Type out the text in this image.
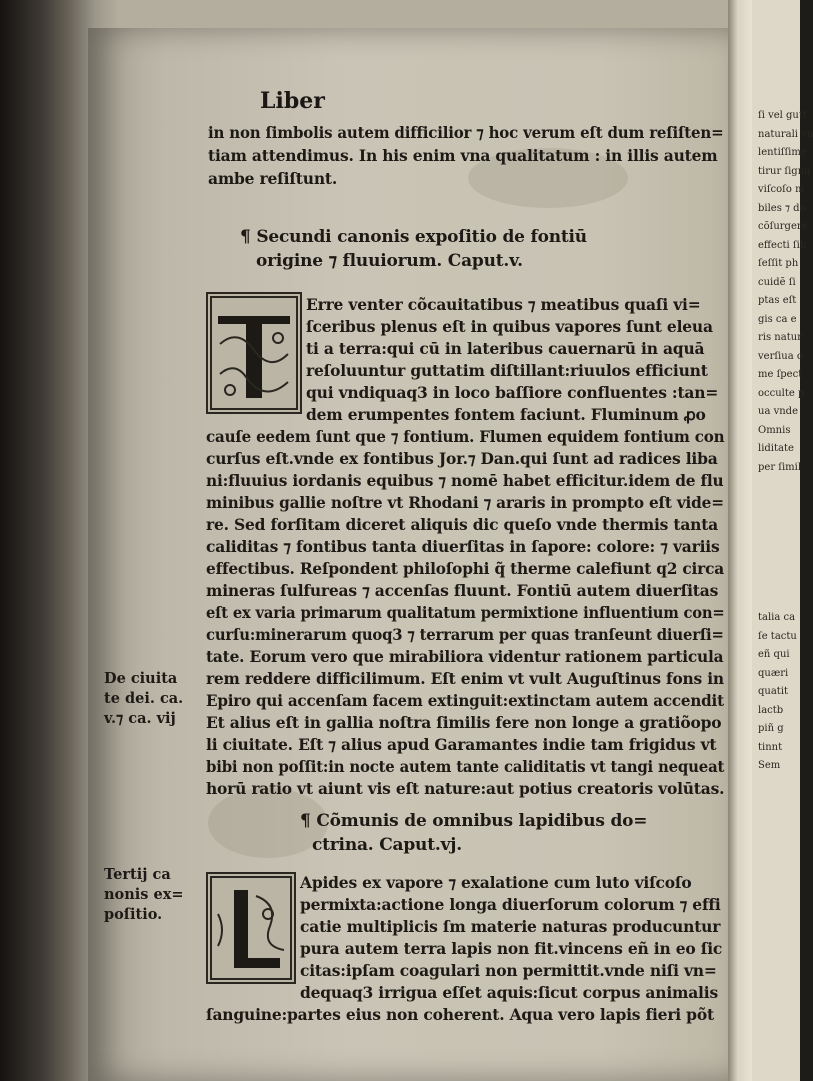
ſi vel gutt
naturali vn
lentiſſime
tirur ſignu
viſcoſo m
biles ⁊ do
cõſurgere
effecti ſib
ſeſſit ph
cuidẽ ſi
ptas eſt
gis ca e
ris natur
verſiua o
me ſpect
occulte p
ua vnde
Omnis
liditate
per ſimil
talia ca
ſe tactu
eñ qui
quæri
quatit
lactb
piñ g
tinnt
Sem
Liber
in non ſimbolis autem difficilior ⁊ hoc verum eſt dum reſiſten=
tiam attendimus. In his enim vna qualitatum : in illis autem
ambe reſiſtunt.
¶ Secundi canonis expoſitio de fontiū
origine ⁊ fluuiorum. Caput.v.
Erre venter cõcauitatibus ⁊ meatibus quaſi vi=
ſceribus plenus eſt in quibus vapores ſunt eleua
ti a terra:qui cū in lateribus cauernarū in aquā
reſoluuntur guttatim diſtillant:riuulos efficiunt
qui vndiquaq3 in loco baſſiore confluentes :tan=
dem erumpentes fontem faciunt. Fluminum ꝓo
cauſe eedem ſunt que ⁊ fontium. Flumen equidem fontium con
curſus eſt.vnde ex fontibus Jor.⁊ Dan.qui ſunt ad radices liba
ni:fluuius iordanis equibus ⁊ nomē habet efficitur.idem de flu
minibus gallie noſtre vt Rhodani ⁊ araris in prompto eſt vide=
re. Sed forſitam diceret aliquis dic queſo vnde thermis tanta
caliditas ⁊ fontibus tanta diuerſitas in ſapore: colore: ⁊ variis
effectibus. Reſpondent philoſophi q̃ therme calefiunt q2 circa
mineras ſulfureas ⁊ accenſas fluunt. Fontiū autem diuerſitas
eſt ex varia primarum qualitatum permixtione influentium con=
curſu:minerarum quoq3 ⁊ terrarum per quas tranſeunt diuerſi=
tate. Eorum vero que mirabiliora videntur rationem particula
rem reddere difficilimum. Eſt enim vt vult Auguſtinus fons in
Epiro qui accenſam facem extinguit:extinctam autem accendit
Et alius eſt in gallia noſtra ſimilis fere non longe a gratiõopo
li ciuitate. Eſt ⁊ alius apud Garamantes indie tam frigidus vt
bibi non poſſit:in nocte autem tante caliditatis vt tangi nequeat
horū ratio vt aiunt vis eſt nature:aut potius creatoris volūtas.
De ciuita
te dei. ca.
v.⁊ ca. vij
¶ Cõmunis de omnibus lapidibus do=
ctrina. Caput.vj.
Tertij ca
nonis ex=
poſitio.
Apides ex vapore ⁊ exalatione cum luto viſcoſo
permixta:actione longa diuerſorum colorum ⁊ effi
catie multiplicis ſm materie naturas producuntur
pura autem terra lapis non fit.vincens eñ in eo ſic
citas:ipſam coagulari non permittit.vnde niſi vn=
dequaq3 irrigua eſſet aquis:ſicut corpus animalis
ſanguine:partes eius non coherent. Aqua vero lapis fieri põt
